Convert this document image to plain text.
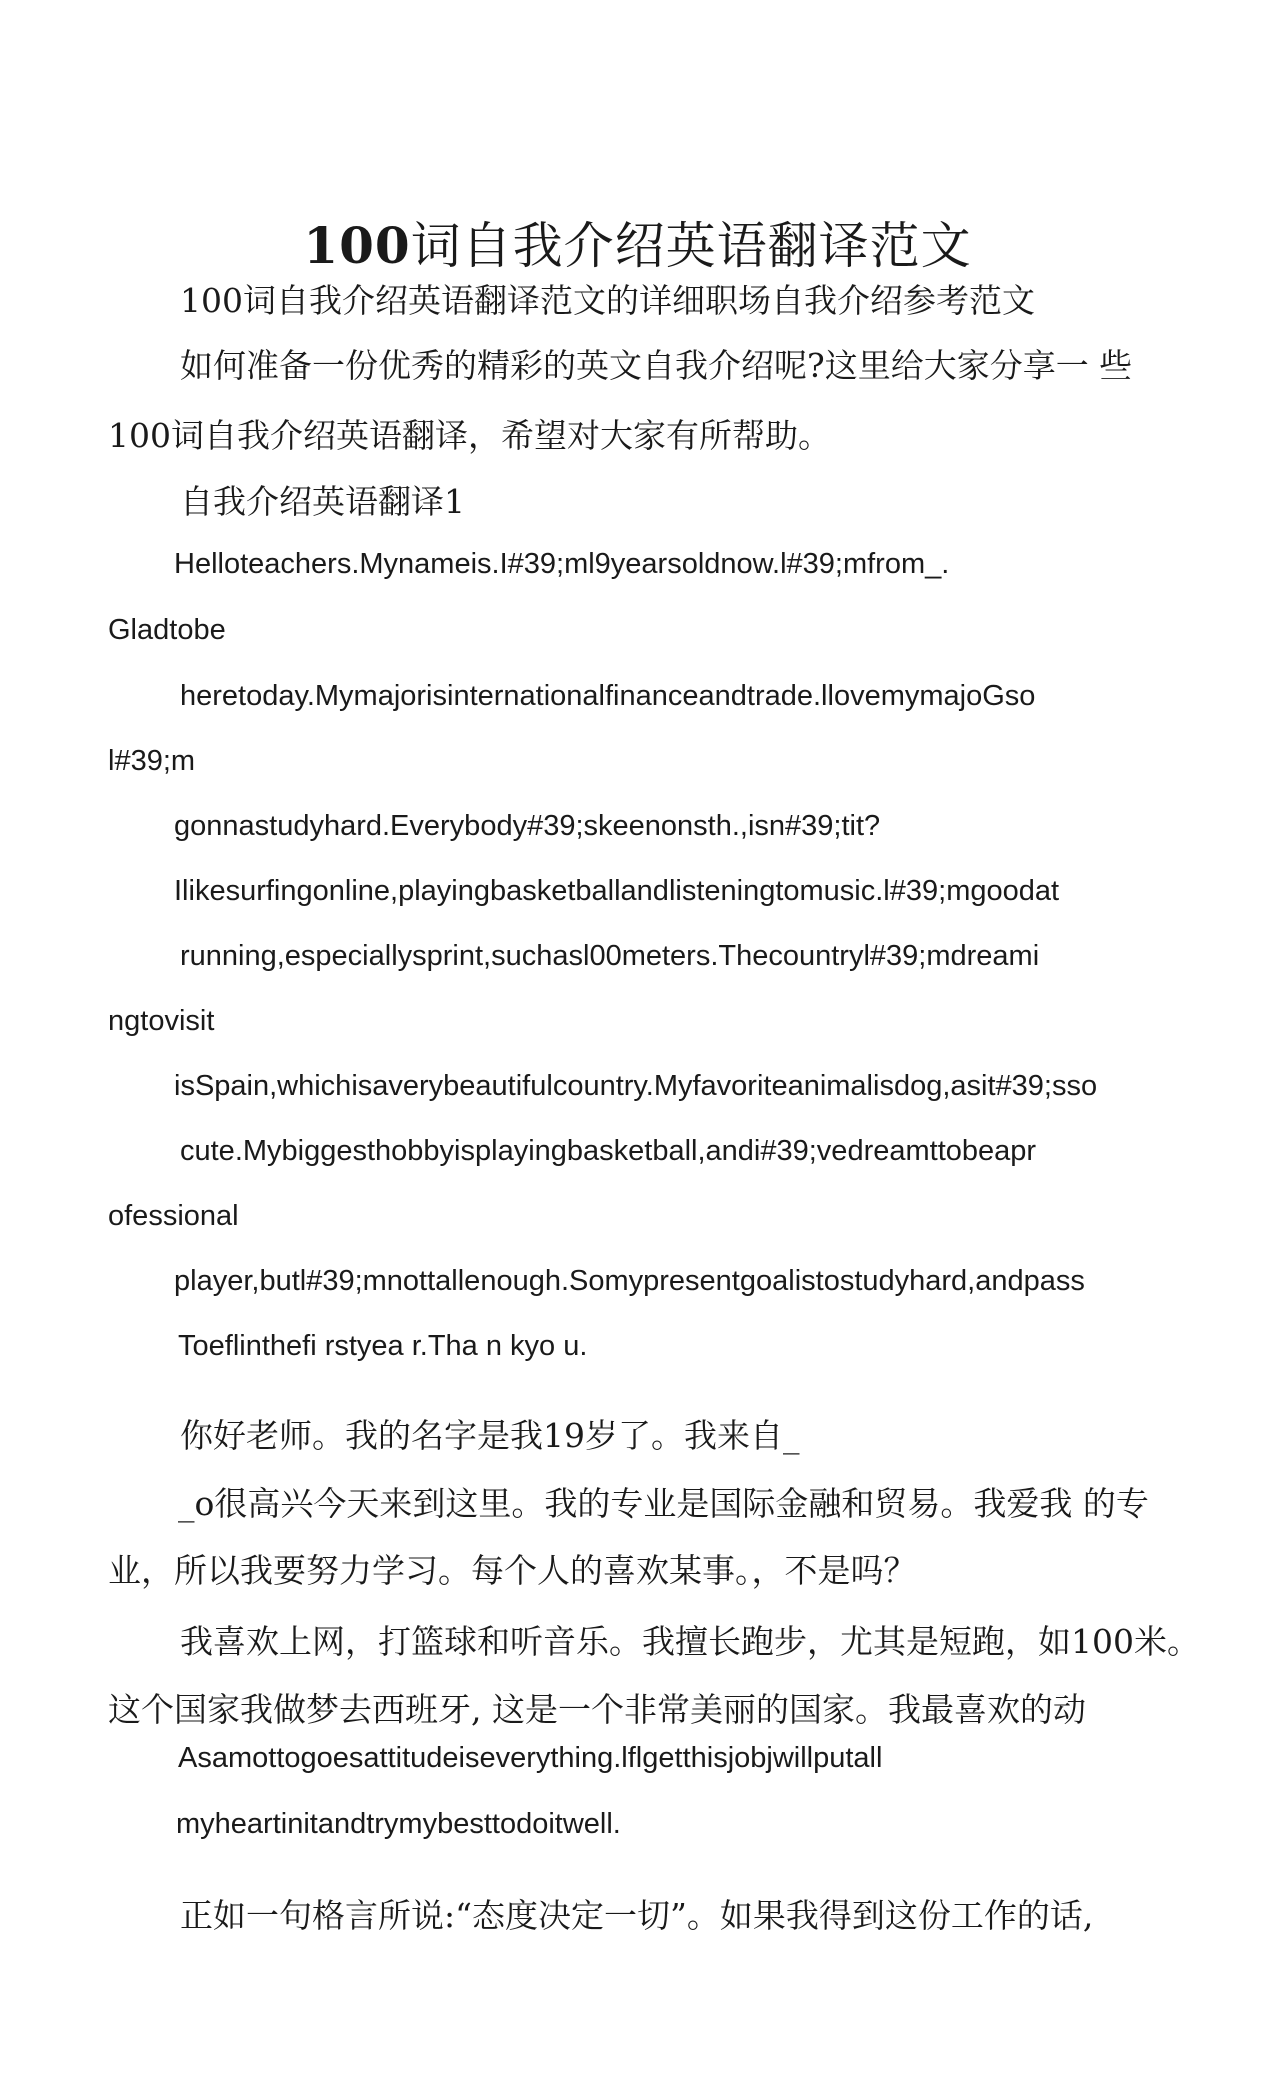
100词自我介绍英语翻译范文

100词自我介绍英语翻译范文的详细职场自我介绍参考范文

如何准备一份优秀的精彩的英文自我介绍呢?这里给大家分享一 些

100词自我介绍英语翻译，希望对大家有所帮助。

自我介绍英语翻译1

Helloteachers.Mynameis.I#39;ml9yearsoldnow.l#39;mfrom_.

Gladtobe

heretoday.Mymajorisinternationalfinanceandtrade.llovemymajoGso

l#39;m

gonnastudyhard.Everybody#39;skeenonsth.,isn#39;tit?

Ilikesurfingonline,playingbasketballandlisteningtomusic.l#39;mgoodat

running,especiallysprint,suchasl00meters.Thecountryl#39;mdreami

ngtovisit

isSpain,whichisaverybeautifulcountry.Myfavoriteanimalisdog,asit#39;sso

cute.Mybiggesthobbyisplayingbasketball,andi#39;vedreamttobeapr

ofessional

player,butl#39;mnottallenough.Somypresentgoalistostudyhard,andpass

Toeflinthefi rstyea r.Tha n kyo u.

你好老师。我的名字是我19岁了。我来自_

_o很高兴今天来到这里。我的专业是国际金融和贸易。我爱我 的专

业，所以我要努力学习。每个人的喜欢某事。，不是吗？

我喜欢上网，打篮球和听音乐。我擅长跑步，尤其是短跑，如100米。

这个国家我做梦去西班牙, 这是一个非常美丽的国家。我最喜欢的动

Asamottogoesattitudeiseverything.lflgetthisjobjwillputall

myheartinitandtrymybesttodoitwell.

正如一句格言所说:“态度决定一切”。如果我得到这份工作的话,
